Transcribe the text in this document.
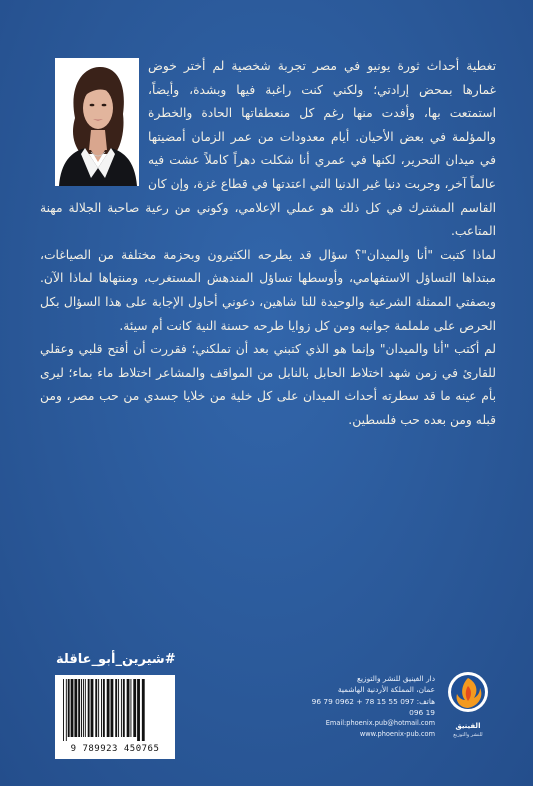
تغطية أحداث ثورة يونيو في مصر تجربة شخصية لم أختر خوض غمارها بمحض إرادتي؛ ولكني كنت راغبة فيها وبشدة، وأيضاً، استمتعت بها، وأفدت منها رغم كل منعطفاتها الحادة والخطرة والمؤلمة في بعض الأحيان. أيام معدودات من عمر الزمان أمضيتها في ميدان التحرير، لكنها في عمري أنا شكلت دهراً كاملاً عشت فيه عالماً آخر، وجربت دنيا غير الدنيا التي اعتدتها في قطاع غزة، وإن كان القاسم المشترك في كل ذلك هو عملي الإعلامي، وكوني من رعية صاحبة الجلالة مهنة المتاعب.

لماذا كتبت "أنا والميدان"؟ سؤال قد يطرحه الكثيرون وبحزمة مختلفة من الصياغات، مبتداها التساؤل الاستفهامي، وأوسطها تساؤل المندهش المستغرب، ومنتهاها لماذا الآن. وبصفتي الممثلة الشرعية والوحيدة للنا شاهين، دعوني أحاول الإجابة على هذا السؤال بكل الحرص على ململمة جوانبه ومن كل زوايا طرحه حسنة النية كانت أم سيئة.

لم أكتب "أنا والميدان" وإنما هو الذي كتبني بعد أن تملكني؛ فقررت أن أفتح قلبي وعقلي للقارئ في زمن شهد اختلاط الحابل بالنابل من المواقف والمشاعر اختلاط ماء بماء؛ ليرى بأم عينه ما قد سطرته أحداث الميدان على كل خلية من خلايا جسدي من حب مصر، ومن قبله ومن بعده حب فلسطين.

#شيرين_أبو_عاقلة
9 789923 450765
دار الفينيق للنشر والتوزيع
عمان، المملكة الأردنية الهاشمية
هاتف: 097 55 15 78 + 0962 79 96 19 096
Email:phoenix.pub@hotmail.com
www.phoenix-pub.com
الفينيق
للنشر والتوزيع
